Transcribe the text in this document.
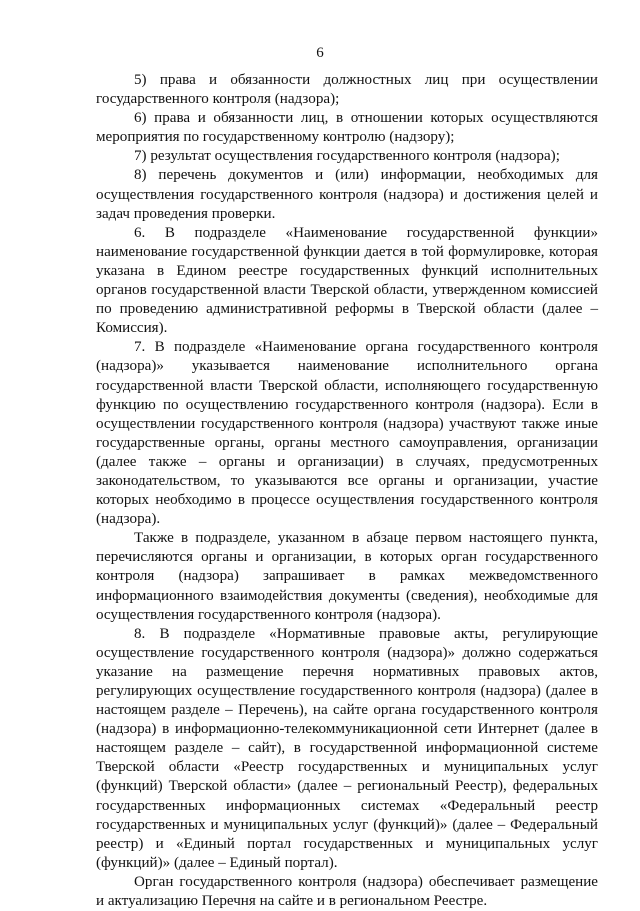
6

5) права и обязанности должностных лиц при осуществлении государственного контроля (надзора);

6) права и обязанности лиц, в отношении которых осуществляются мероприятия по государственному контролю (надзору);

7) результат осуществления государственного контроля (надзора);

8) перечень документов и (или) информации, необходимых для осуществления государственного контроля (надзора) и достижения целей и задач проведения проверки.

6. В подразделе «Наименование государственной функции» наименование государственной функции дается в той формулировке, которая указана в Едином реестре государственных функций исполнительных органов государственной власти Тверской области, утвержденном комиссией по проведению административной реформы в Тверской области (далее – Комиссия).

7. В подразделе «Наименование органа государственного контроля (надзора)» указывается наименование исполнительного органа государственной власти Тверской области, исполняющего государственную функцию по осуществлению государственного контроля (надзора). Если в осуществлении государственного контроля (надзора) участвуют также иные государственные органы, органы местного самоуправления, организации (далее также – органы и организации) в случаях, предусмотренных законодательством, то указываются все органы и организации, участие которых необходимо в процессе осуществления государственного контроля (надзора).

Также в подразделе, указанном в абзаце первом настоящего пункта, перечисляются органы и организации, в которых орган государственного контроля (надзора) запрашивает в рамках межведомственного информационного взаимодействия документы (сведения), необходимые для осуществления государственного контроля (надзора).

8. В подразделе «Нормативные правовые акты, регулирующие осуществление государственного контроля (надзора)» должно содержаться указание на размещение перечня нормативных правовых актов, регулирующих осуществление государственного контроля (надзора) (далее в настоящем разделе – Перечень), на сайте органа государственного контроля (надзора) в информационно-телекоммуникационной сети Интернет (далее в настоящем разделе – сайт), в государственной информационной системе Тверской области «Реестр государственных и муниципальных услуг (функций) Тверской области» (далее – региональный Реестр), федеральных государственных информационных системах «Федеральный реестр государственных и муниципальных услуг (функций)» (далее – Федеральный реестр) и «Единый портал государственных и муниципальных услуг (функций)» (далее – Единый портал).

Орган государственного контроля (надзора) обеспечивает размещение и актуализацию Перечня на сайте и в региональном Реестре.
